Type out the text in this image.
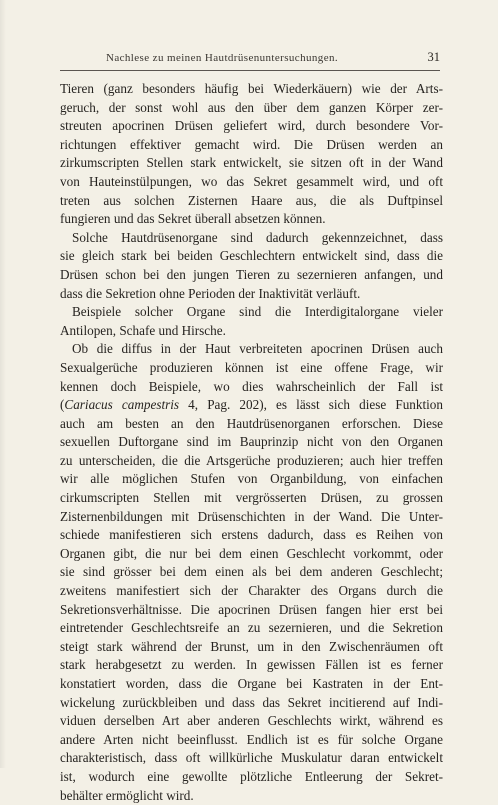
Nachlese zu meinen Hautdrüsenuntersuchungen.	31
Tieren (ganz besonders häufig bei Wiederkäuern) wie der Arts-
geruch, der sonst wohl aus den über dem ganzen Körper zer-
streuten apocrinen Drüsen geliefert wird, durch besondere Vor-
richtungen effektiver gemacht wird. Die Drüsen werden an
zirkumscripten Stellen stark entwickelt, sie sitzen oft in der Wand
von Hauteinstülpungen, wo das Sekret gesammelt wird, und oft
treten aus solchen Zisternen Haare aus, die als Duftpinsel
fungieren und das Sekret überall absetzen können.
Solche Hautdrüsenorgane sind dadurch gekennzeichnet, dass
sie gleich stark bei beiden Geschlechtern entwickelt sind, dass die
Drüsen schon bei den jungen Tieren zu sezernieren anfangen, und
dass die Sekretion ohne Perioden der Inaktivität verläuft.
Beispiele solcher Organe sind die Interdigitalorgane vieler
Antilopen, Schafe und Hirsche.
Ob die diffus in der Haut verbreiteten apocrinen Drüsen auch
Sexualgerüche produzieren können ist eine offene Frage, wir
kennen doch Beispiele, wo dies wahrscheinlich der Fall ist
(Cariacus campestris 4, Pag. 202), es lässt sich diese Funktion
auch am besten an den Hautdrüsenorganen erforschen. Diese
sexuellen Duftorgane sind im Bauprinzip nicht von den Organen
zu unterscheiden, die die Artsgerüche produzieren; auch hier treffen
wir alle möglichen Stufen von Organbildung, von einfachen
cirkumscripten Stellen mit vergrösserten Drüsen, zu grossen
Zisternenbildungen mit Drüsenschichten in der Wand. Die Unter-
schiede manifestieren sich erstens dadurch, dass es Reihen von
Organen gibt, die nur bei dem einen Geschlecht vorkommt, oder
sie sind grösser bei dem einen als bei dem anderen Geschlecht;
zweitens manifestiert sich der Charakter des Organs durch die
Sekretionsverhältnisse. Die apocrinen Drüsen fangen hier erst bei
eintretender Geschlechtsreife an zu sezernieren, und die Sekretion
steigt stark während der Brunst, um in den Zwischenräumen oft
stark herabgesetzt zu werden. In gewissen Fällen ist es ferner
konstatiert worden, dass die Organe bei Kastraten in der Ent-
wickelung zurückbleiben und dass das Sekret incitierend auf Indi-
viduen derselben Art aber anderen Geschlechts wirkt, während es
andere Arten nicht beeinflusst. Endlich ist es für solche Organe
charakteristisch, dass oft willkürliche Muskulatur daran entwickelt
ist, wodurch eine gewollte plötzliche Entleerung der Sekret-
behälter ermöglicht wird.
